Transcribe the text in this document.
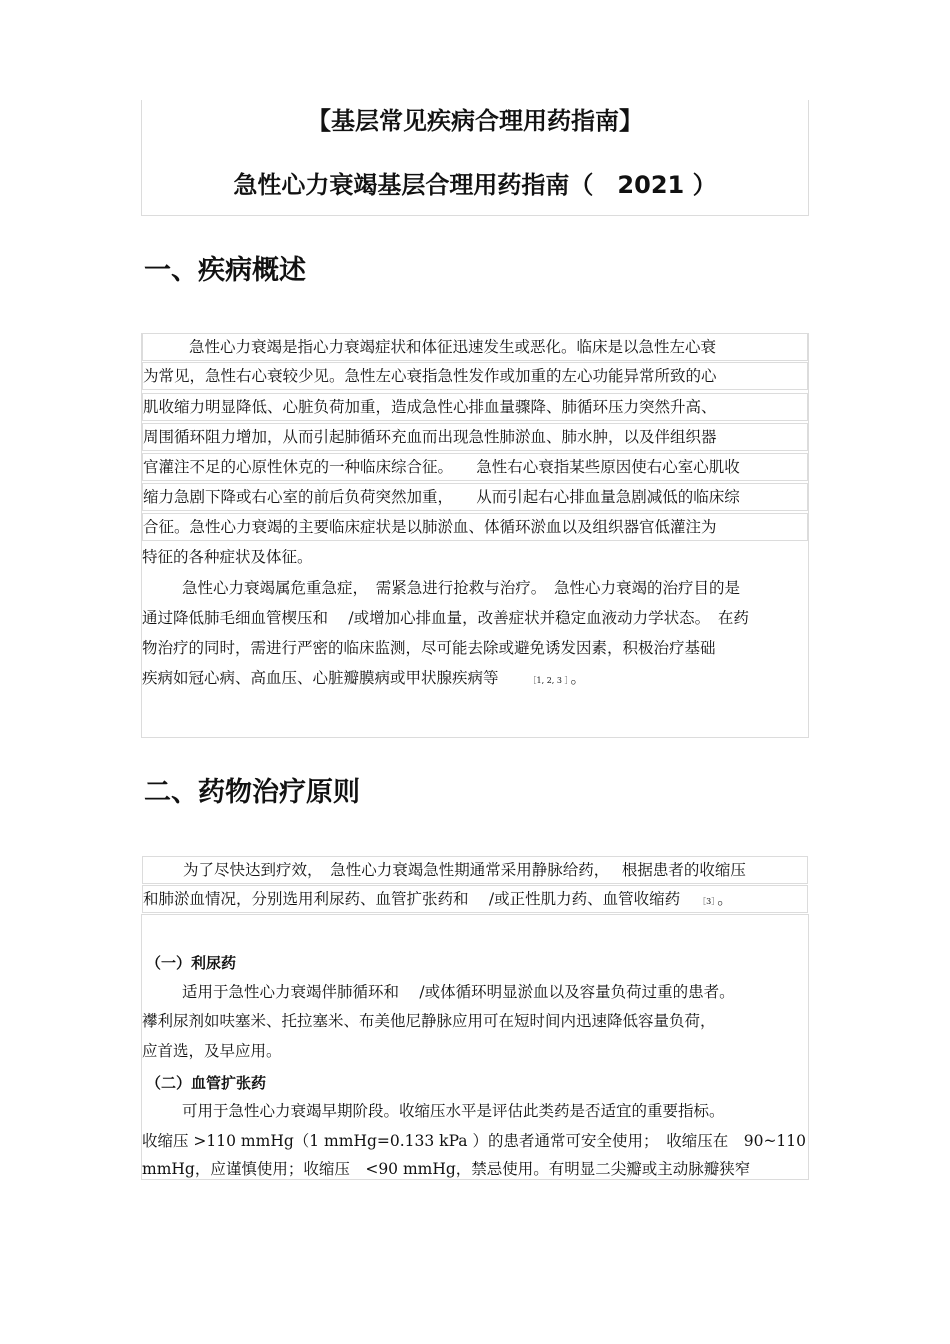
【基层常见疾病合理用药指南】
急性心力衰竭基层合理用药指南（　2021 ）
一、疾病概述
急性心力衰竭是指心力衰竭症状和体征迅速发生或恶化。临床是以急性左心衰
为常见，急性右心衰较少见。急性左心衰指急性发作或加重的左心功能异常所致的心
肌收缩力明显降低、心脏负荷加重，造成急性心排血量骤降、肺循环压力突然升高、
周围循环阻力增加，从而引起肺循环充血而出现急性肺淤血、肺水肿，以及伴组织器
官灌注不足的心原性休克的一种临床综合征。　　急性右心衰指某些原因使右心室心肌收
缩力急剧下降或右心室的前后负荷突然加重，　　从而引起右心排血量急剧减低的临床综
合征。急性心力衰竭的主要临床症状是以肺淤血、体循环淤血以及组织器官低灌注为
特征的各种症状及体征。
急性心力衰竭属危重急症，　需紧急进行抢救与治疗。　急性心力衰竭的治疗目的是
通过降低肺毛细血管楔压和　 /或增加心排血量，改善症状并稳定血液动力学状态。　在药
物治疗的同时，需进行严密的临床监测，尽可能去除或避免诱发因素，积极治疗基础
疾病如冠心病、高血压、心脏瓣膜病或甲状腺疾病等	［1, 2, 3 ］ 。
二、药物治疗原则
为了尽快达到疗效，　急性心力衰竭急性期通常采用静脉给药，　 根据患者的收缩压
和肺淤血情况，分别选用利尿药、血管扩张药和　 /或正性肌力药、血管收缩药 ［3］ 。
（一）利尿药
适用于急性心力衰竭伴肺循环和　 /或体循环明显淤血以及容量负荷过重的患者。
襻利尿剂如呋塞米、托拉塞米、布美他尼静脉应用可在短时间内迅速降低容量负荷，
应首选，及早应用。
（二）血管扩张药
可用于急性心力衰竭早期阶段。收缩压水平是评估此类药是否适宜的重要指标。
收缩压 >110 mmHg（1 mmHg=0.133 kPa ）的患者通常可安全使用；　收缩压在　90~110
mmHg，应谨慎使用；收缩压　<90 mmHg，禁忌使用。有明显二尖瓣或主动脉瓣狭窄
